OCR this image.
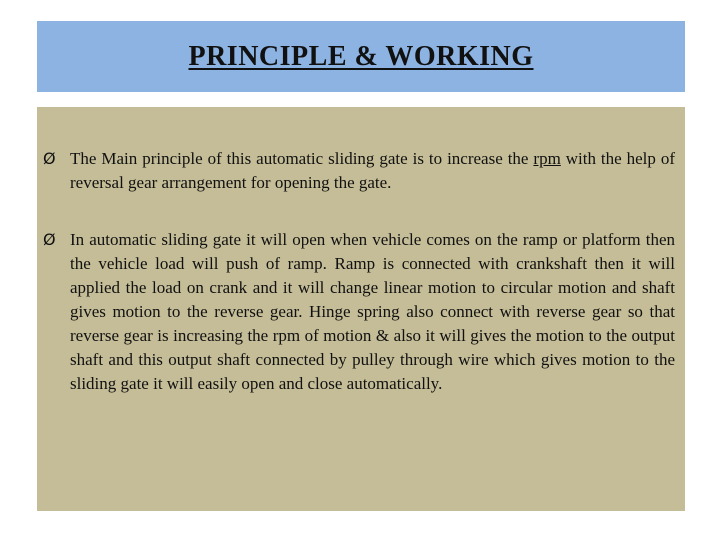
PRINCIPLE & WORKING
Ø The Main principle of this automatic sliding gate is to increase the rpm with the help of reversal gear arrangement for opening the gate.
Ø In automatic sliding gate it will open when vehicle comes on the ramp or platform then the vehicle load will push of ramp. Ramp is connected with crankshaft then it will applied the load on crank and it will change linear motion to circular motion and shaft gives motion to the reverse gear. Hinge spring also connect with reverse gear so that reverse gear is increasing the rpm of motion & also it will gives the motion to the output shaft and this output shaft connected by pulley through wire which gives motion to the sliding gate it will easily open and close automatically.
